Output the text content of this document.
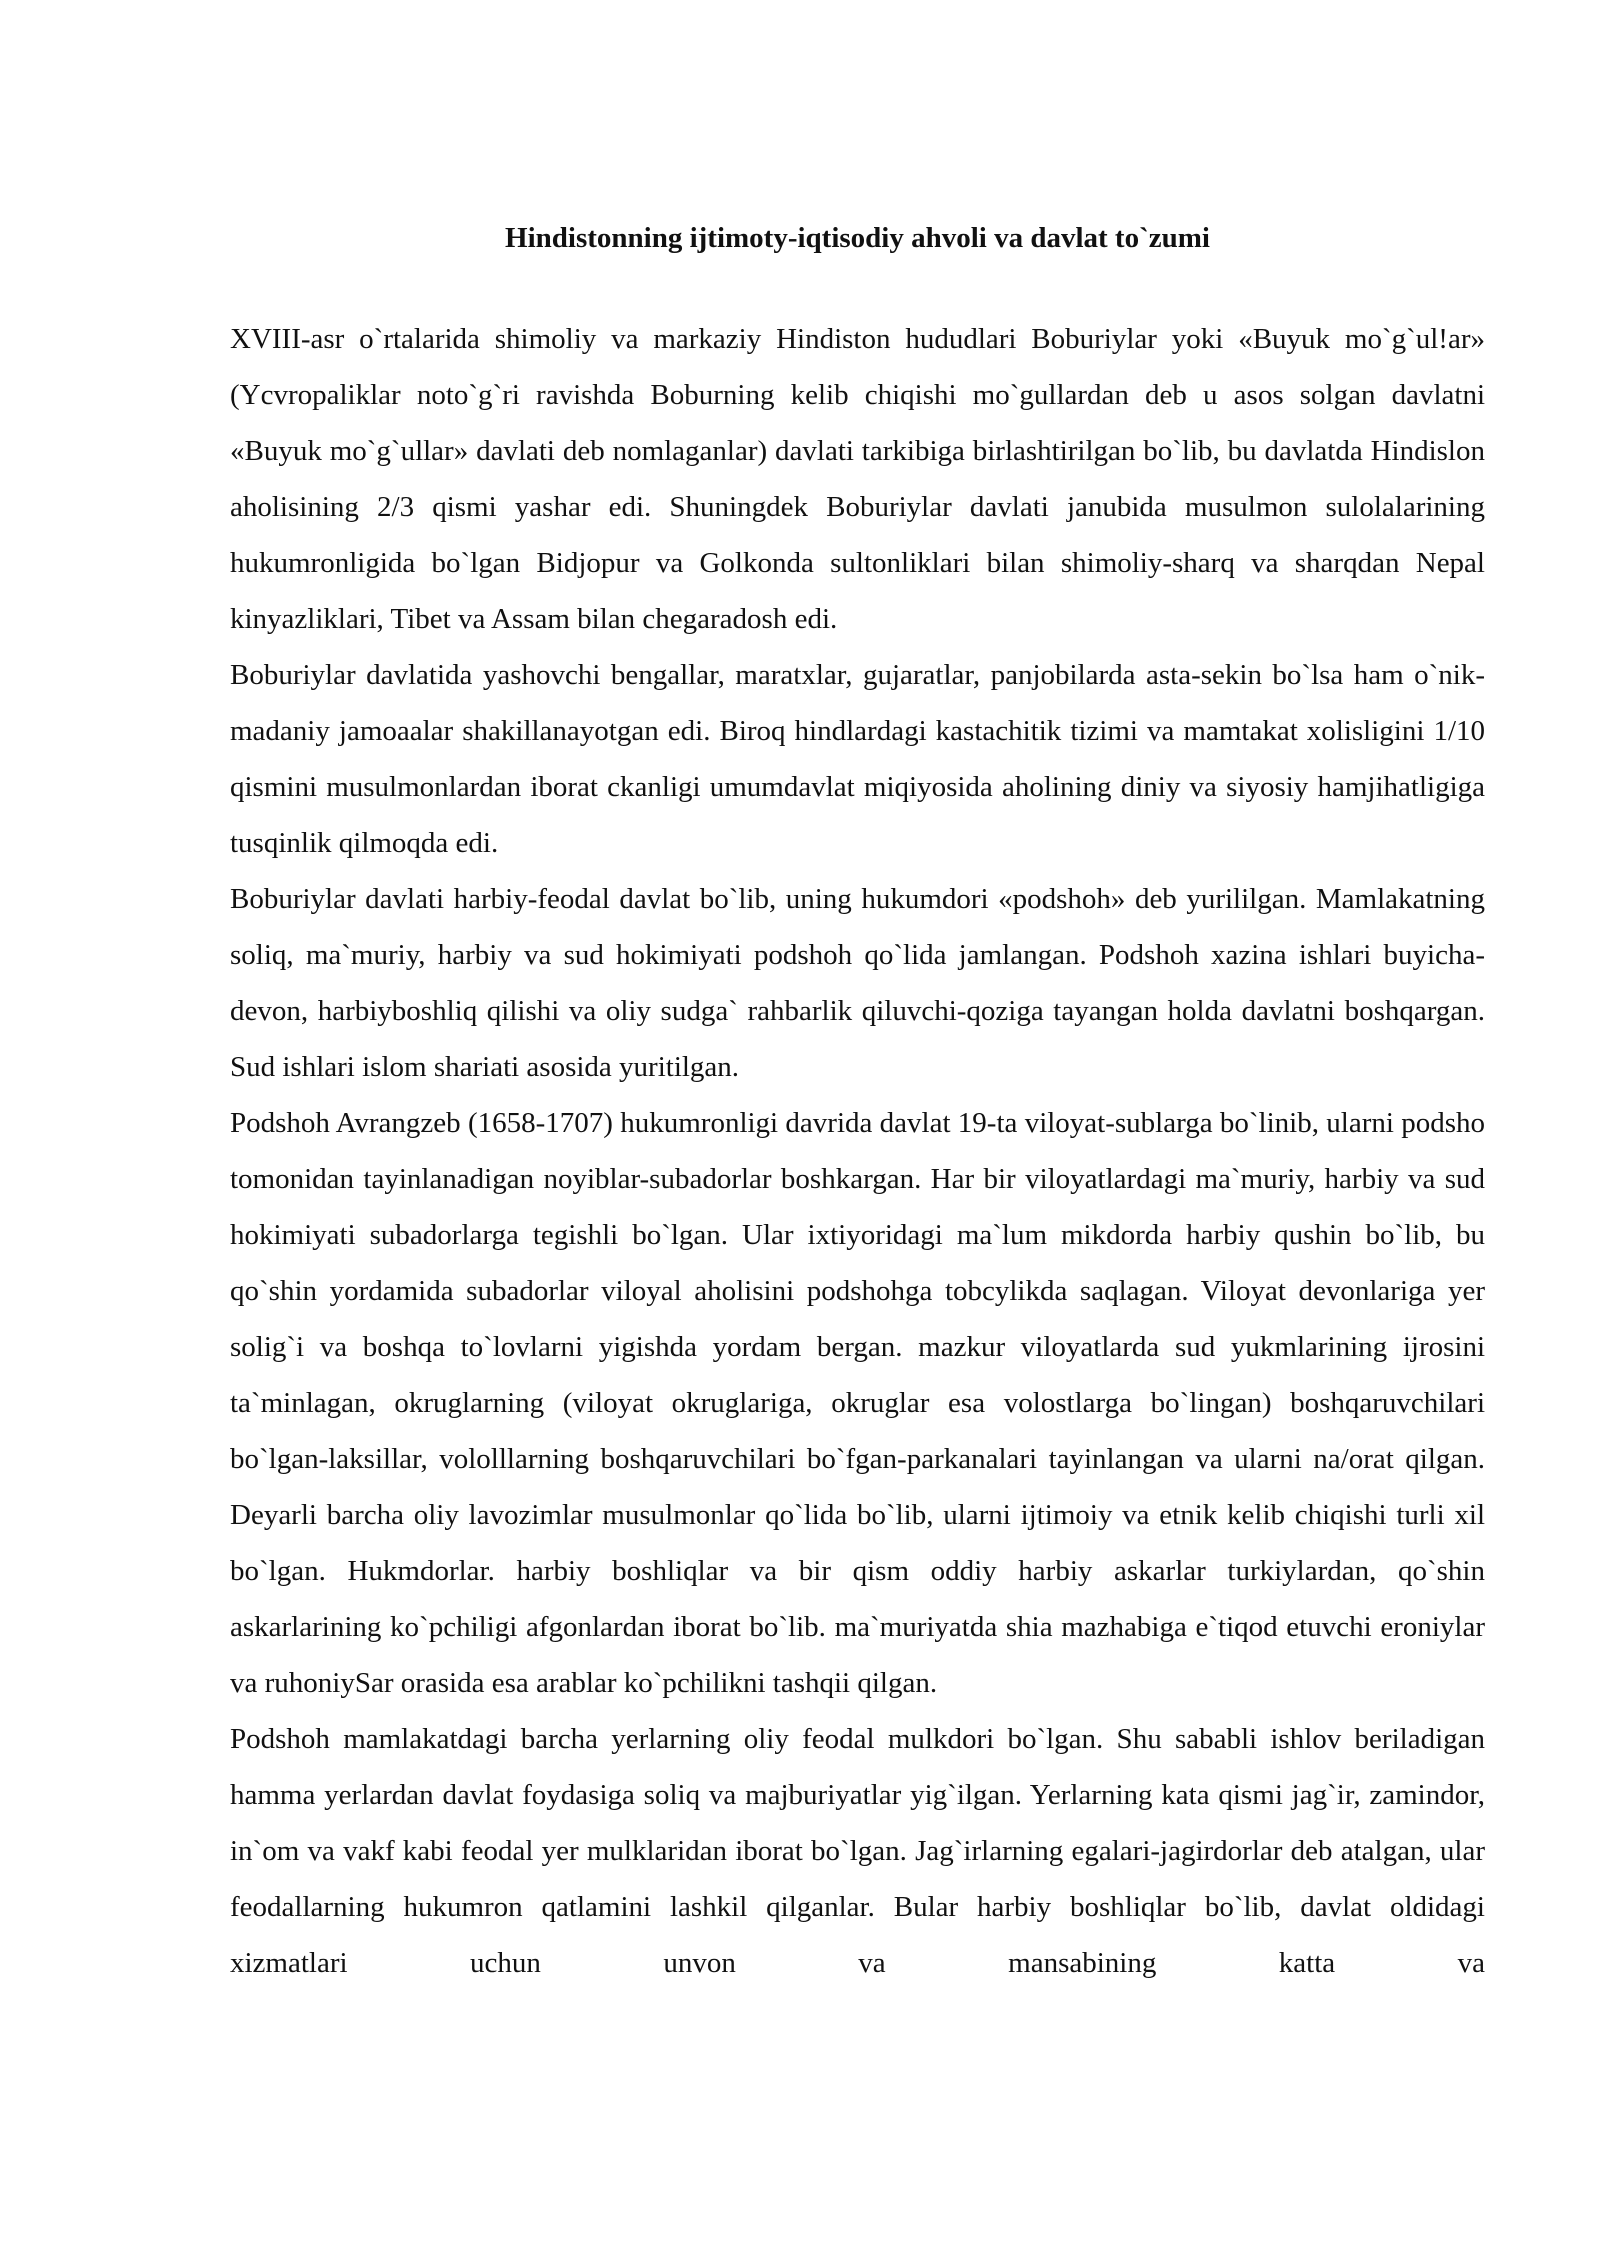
Hindistonning ijtimoty-iqtisodiy ahvoli va davlat to`zumi

XVIII-asr o`rtalarida shimoliy va markaziy Hindiston hududlari Boburiylar yoki «Buyuk mo`g`ul!ar» (Ycvropaliklar noto`g`ri ravishda Boburning kelib chiqishi mo`gullardan deb u asos solgan davlatni «Buyuk mo`g`ullar» davlati deb nomlaganlar) davlati tarkibiga birlashtirilgan bo`lib, bu davlatda Hindislon aholisining 2/3 qismi yashar edi. Shuningdek Boburiylar davlati janubida musulmon sulolalarining hukumronligida bo`lgan Bidjopur va Golkonda sultonliklari bilan shimoliy-sharq va sharqdan Nepal kinyazliklari, Tibet va Assam bilan chegaradosh edi.

Boburiylar davlatida yashovchi bengallar, maratxlar, gujaratlar, panjobilarda asta-sekin bo`lsa ham o`nik-madaniy jamoaalar shakillanayotgan edi. Biroq hindlardagi kastachitik tizimi va mamtakat xolisligini 1/10 qismini musulmonlardan iborat ckanligi umumdavlat miqiyosida aholining diniy va siyosiy hamjihatligiga tusqinlik qilmoqda edi.

Boburiylar davlati harbiy-feodal davlat bo`lib, uning hukumdori «podshoh» deb yurililgan. Mamlakatning soliq, ma`muriy, harbiy va sud hokimiyati podshoh qo`lida jamlangan. Podshoh xazina ishlari buyicha-devon, harbiyboshliq qilishi va oliy sudga` rahbarlik qiluvchi-qoziga tayangan holda davlatni boshqargan. Sud ishlari islom shariati asosida yuritilgan.

Podshoh Avrangzeb (1658-1707) hukumronligi davrida davlat 19-ta viloyat-sublarga bo`linib, ularni podsho tomonidan tayinlanadigan noyiblar-subadorlar boshkargan. Har bir viloyatlardagi ma`muriy, harbiy va sud hokimiyati subadorlarga tegishli bo`lgan. Ular ixtiyoridagi ma`lum mikdorda harbiy qushin bo`lib, bu qo`shin yordamida subadorlar viloyal aholisini podshohga tobcylikda saqlagan. Viloyat devonlariga yer solig`i va boshqa to`lovlarni yigishda yordam bergan. mazkur viloyatlarda sud yukmlarining ijrosini ta`minlagan, okruglarning (viloyat okruglariga, okruglar esa volostlarga bo`lingan) boshqaruvchilari bo`lgan-laksillar, vololllarning boshqaruvchilari bo`fgan-parkanalari tayinlangan va ularni na/orat qilgan. Deyarli barcha oliy lavozimlar musulmonlar qo`lida bo`lib, ularni ijtimoiy va etnik kelib chiqishi turli xil bo`lgan. Hukmdorlar. harbiy boshliqlar va bir qism oddiy harbiy askarlar turkiylardan, qo`shin askarlarining ko`pchiligi afgonlardan iborat bo`lib. ma`muriyatda shia mazhabiga e`tiqod etuvchi eroniylar va ruhoniySar orasida esa arablar ko`pchilikni tashqii qilgan.

Podshoh mamlakatdagi barcha yerlarning oliy feodal mulkdori bo`lgan. Shu sababli ishlov beriladigan hamma yerlardan davlat foydasiga soliq va majburiyatlar yig`ilgan. Yerlarning kata qismi jag`ir, zamindor, in`om va vakf kabi feodal yer mulklaridan iborat bo`lgan. Jag`irlarning egalari-jagirdorlar deb atalgan, ular feodallarning hukumron qatlamini lashkil qilganlar. Bular harbiy boshliqlar bo`lib, davlat oldidagi xizmatlari uchun unvon va mansabining katta va
